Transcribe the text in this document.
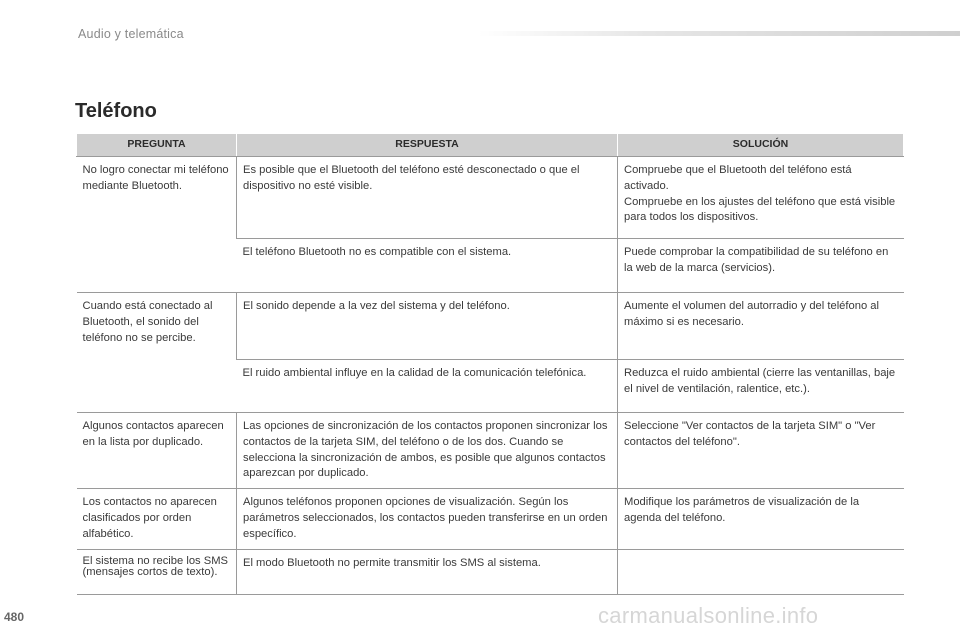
Audio y telemática
Teléfono
PREGUNTA	RESPUESTA	SOLUCIÓN
No logro conectar mi teléfono mediante Bluetooth.	Es posible que el Bluetooth del teléfono esté desconectado o que el dispositivo no esté visible.	Compruebe que el Bluetooth del teléfono está activado.
Compruebe en los ajustes del teléfono que está visible para todos los dispositivos.

	El teléfono Bluetooth no es compatible con el sistema.	Puede comprobar la compatibilidad de su teléfono en la web de la marca (servicios).
Cuando está conectado al Bluetooth, el sonido del teléfono no se percibe.	El sonido depende a la vez del sistema y del teléfono.	Aumente el volumen del autorradio y del teléfono al máximo si es necesario.
	El ruido ambiental influye en la calidad de la comunicación telefónica.	Reduzca el ruido ambiental (cierre las ventanillas, baje el nivel de ventilación, ralentice, etc.).
Algunos contactos aparecen en la lista por duplicado.	Las opciones de sincronización de los contactos proponen sincronizar los contactos de la tarjeta SIM, del teléfono o de los dos. Cuando se selecciona la sincronización de ambos, es posible que algunos contactos aparezcan por duplicado.	Seleccione "Ver contactos de la tarjeta SIM" o "Ver contactos del teléfono".
Los contactos no aparecen clasificados por orden alfabético.	Algunos teléfonos proponen opciones de visualización. Según los parámetros seleccionados, los contactos pueden transferirse en un orden específico.	Modifique los parámetros de visualización de la agenda del teléfono.
El sistema no recibe los SMS (mensajes cortos de texto).	El modo Bluetooth no permite transmitir los SMS al sistema.	
480	carmanualsonline.info
